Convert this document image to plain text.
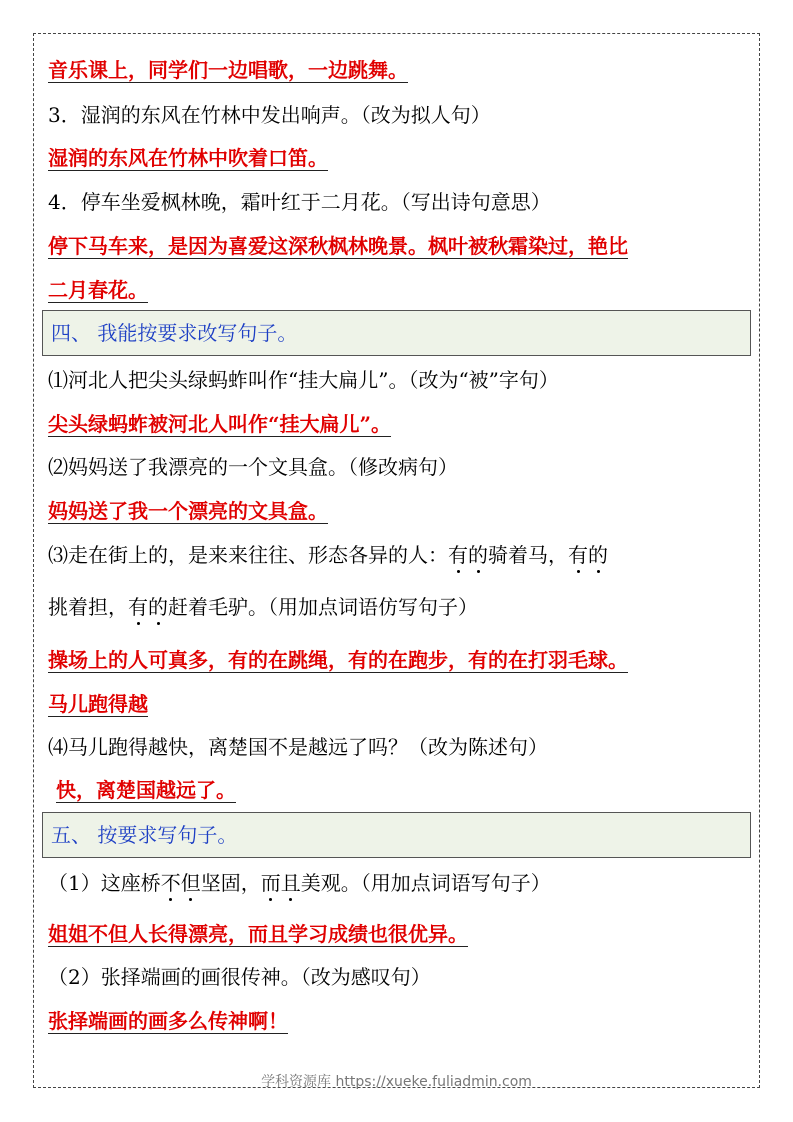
音乐课上，同学们一边唱歌，一边跳舞。
3．湿润的东风在竹林中发出响声。（改为拟人句）
湿润的东风在竹林中吹着口笛。
4．停车坐爱枫林晚，霜叶红于二月花。（写出诗句意思）
停下马车来，是因为喜爱这深秋枫林晚景。枫叶被秋霜染过，艳比
二月春花。
四、 我能按要求改写句子。
⑴河北人把尖头绿蚂蚱叫作“挂大扁儿”。（改为“被”字句）
尖头绿蚂蚱被河北人叫作“挂大扁儿”。
⑵妈妈送了我漂亮的一个文具盒。（修改病句）
妈妈送了我一个漂亮的文具盒。
⑶走在街上的，是来来往往、形态各异的人：有的骑着马，有的
挑着担，有的赶着毛驴。（用加点词语仿写句子）
操场上的人可真多，有的在跳绳，有的在跑步，有的在打羽毛球。
马儿跑得越
⑷马儿跑得越快，离楚国不是越远了吗？（改为陈述句）
快，离楚国越远了。
五、 按要求写句子。
（1）这座桥不但坚固，而且美观。（用加点词语写句子）
姐姐不但人长得漂亮，而且学习成绩也很优异。
（2）张择端画的画很传神。（改为感叹句）
张择端画的画多么传神啊！
学科资源库 https://xueke.fuliadmin.com
